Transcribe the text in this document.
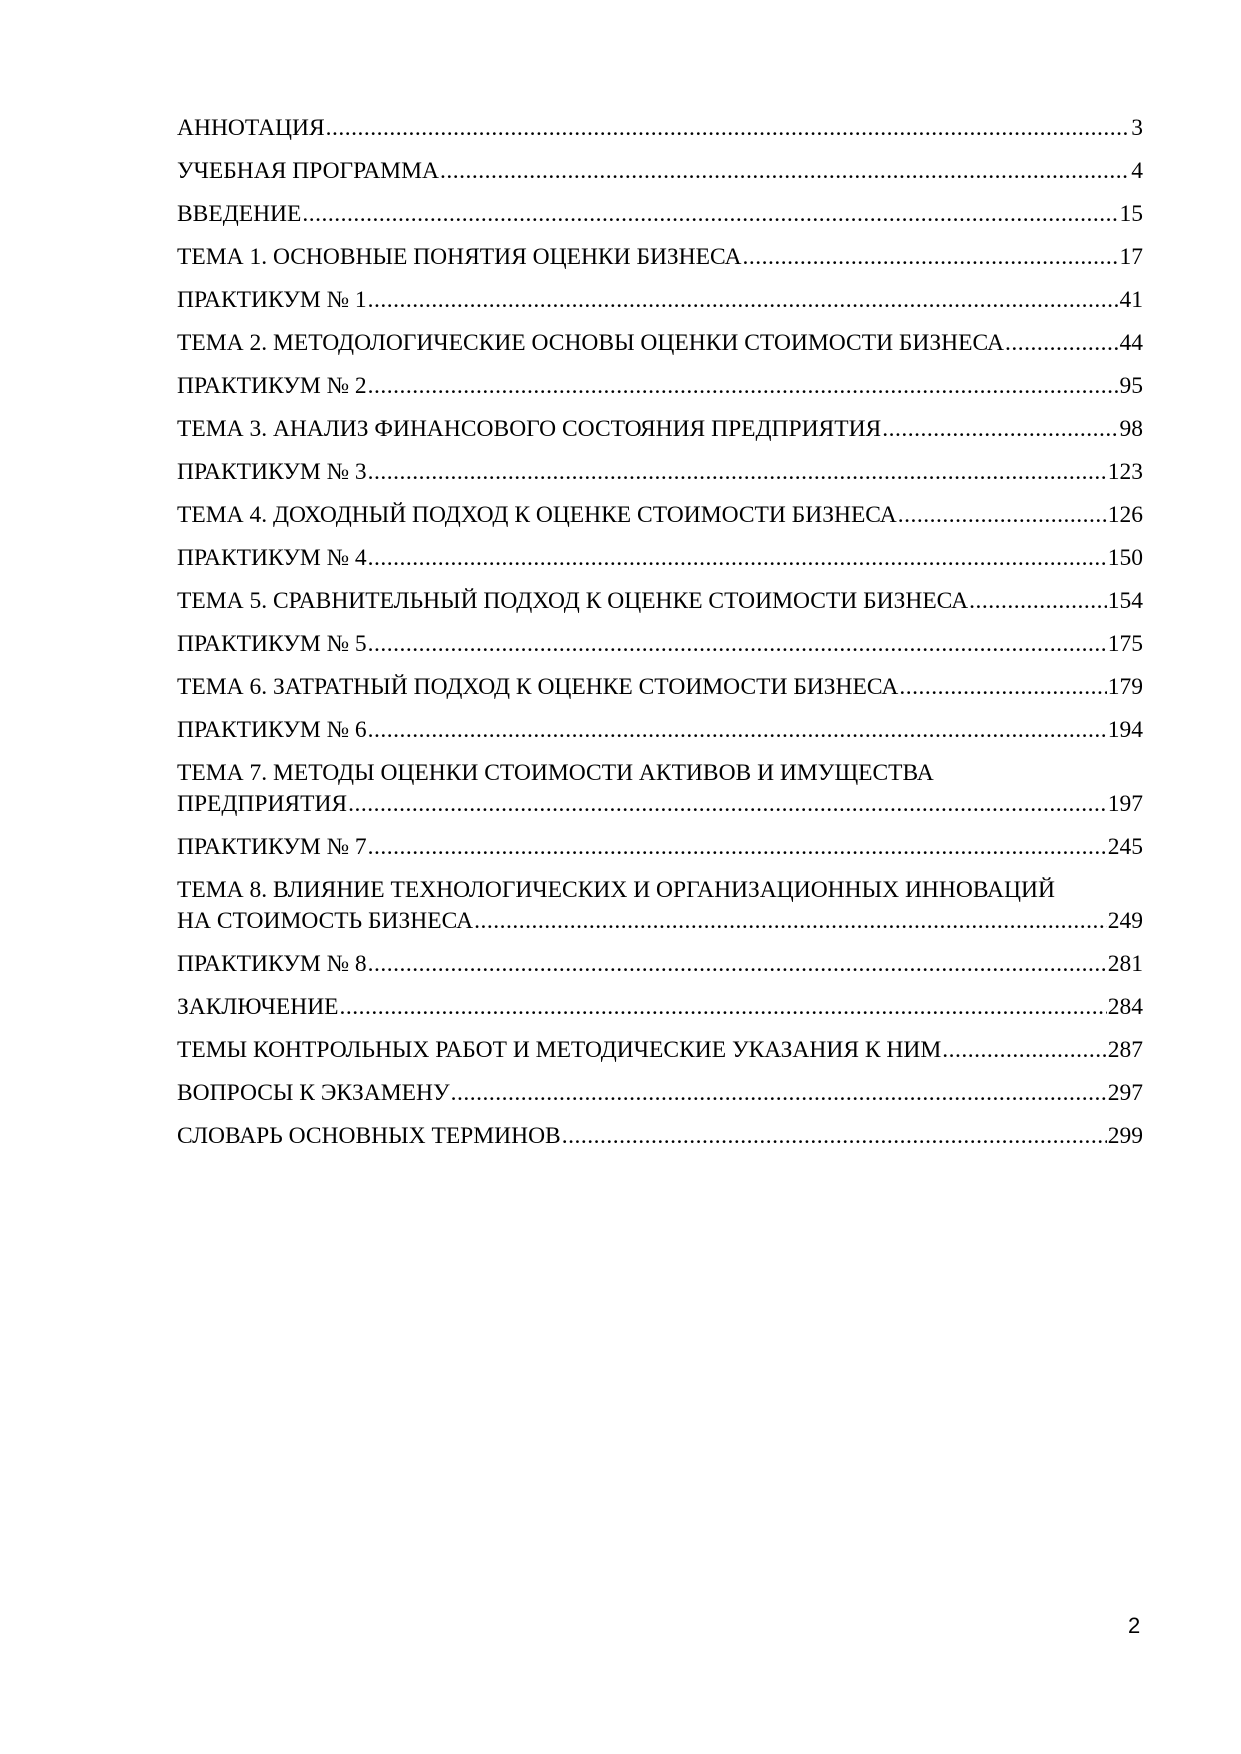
АННОТАЦИЯ .....	3
УЧЕБНАЯ ПРОГРАММА .....	4
ВВЕДЕНИЕ .....	15
ТЕМА 1. ОСНОВНЫЕ ПОНЯТИЯ ОЦЕНКИ БИЗНЕСА .....	17
ПРАКТИКУМ № 1 .....	41
ТЕМА 2. МЕТОДОЛОГИЧЕСКИЕ ОСНОВЫ ОЦЕНКИ СТОИМОСТИ БИЗНЕСА .....	44
ПРАКТИКУМ № 2 .....	95
ТЕМА 3. АНАЛИЗ ФИНАНСОВОГО СОСТОЯНИЯ ПРЕДПРИЯТИЯ .....	98
ПРАКТИКУМ № 3 .....	123
ТЕМА 4. ДОХОДНЫЙ ПОДХОД К ОЦЕНКЕ СТОИМОСТИ БИЗНЕСА .....	126
ПРАКТИКУМ № 4 .....	150
ТЕМА 5. СРАВНИТЕЛЬНЫЙ ПОДХОД К ОЦЕНКЕ СТОИМОСТИ БИЗНЕСА .....	154
ПРАКТИКУМ № 5 .....	175
ТЕМА 6. ЗАТРАТНЫЙ ПОДХОД К ОЦЕНКЕ СТОИМОСТИ БИЗНЕСА .....	179
ПРАКТИКУМ № 6 .....	194
ТЕМА 7. МЕТОДЫ ОЦЕНКИ СТОИМОСТИ АКТИВОВ И ИМУЩЕСТВА
ПРЕДПРИЯТИЯ .....	197
ПРАКТИКУМ № 7 .....	245
ТЕМА 8. ВЛИЯНИЕ ТЕХНОЛОГИЧЕСКИХ И ОРГАНИЗАЦИОННЫХ ИННОВАЦИЙ
НА СТОИМОСТЬ БИЗНЕСА .....	249
ПРАКТИКУМ № 8 .....	281
ЗАКЛЮЧЕНИЕ .....	284
ТЕМЫ КОНТРОЛЬНЫХ РАБОТ И МЕТОДИЧЕСКИЕ УКАЗАНИЯ К НИМ .....	287
ВОПРОСЫ К ЭКЗАМЕНУ .....	297
СЛОВАРЬ ОСНОВНЫХ ТЕРМИНОВ .....	299
2
